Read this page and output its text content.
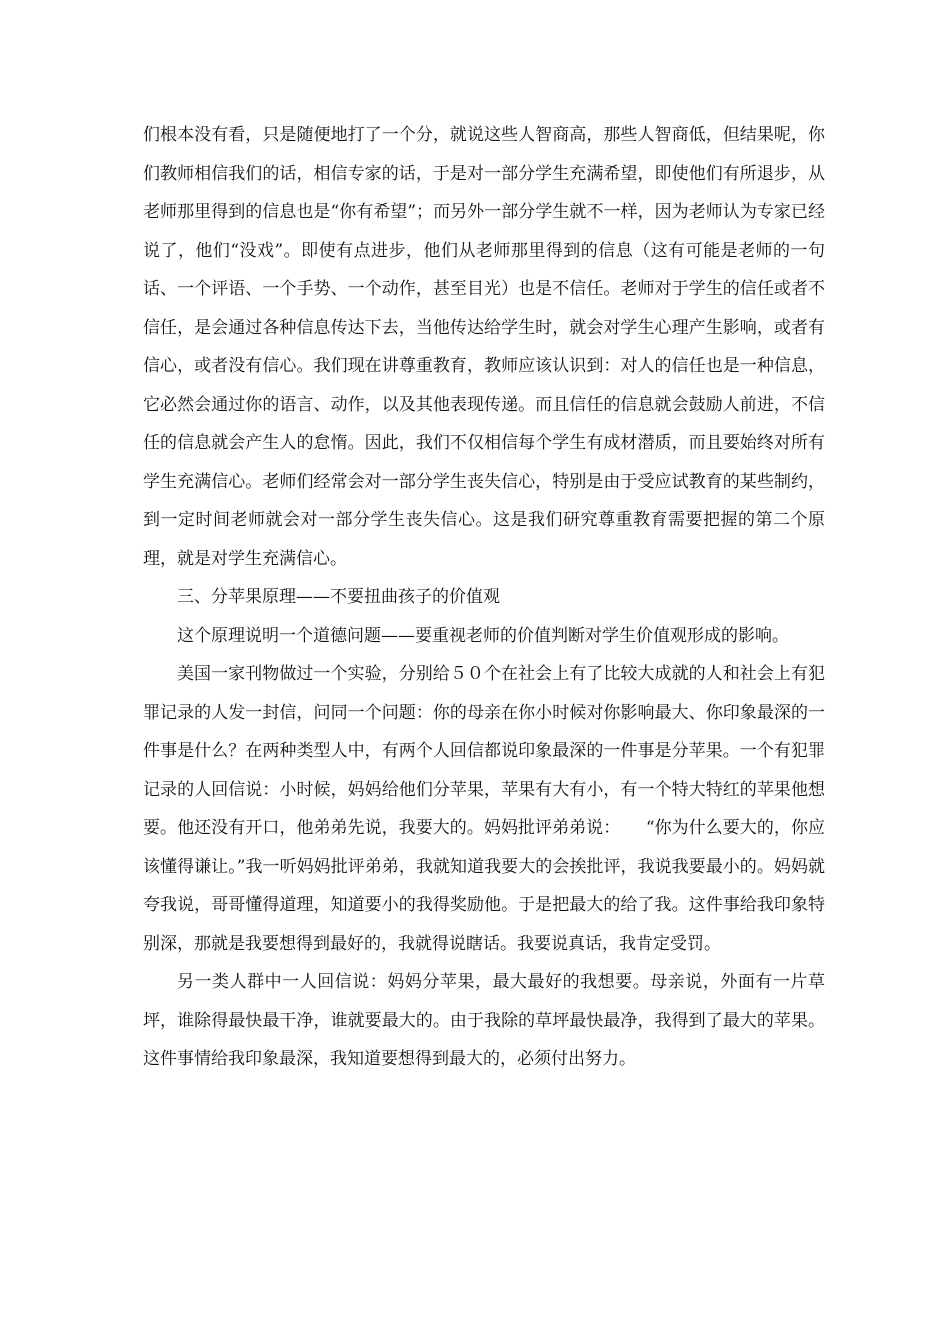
们根本没有看，只是随便地打了一个分，就说这些人智商高，那些人智商低，但结果呢，你们教师相信我们的话，相信专家的话，于是对一部分学生充满希望，即使他们有所退步，从老师那里得到的信息也是“你有希望”；而另外一部分学生就不一样，因为老师认为专家已经说了，他们“没戏”。即使有点进步，他们从老师那里得到的信息（这有可能是老师的一句话、一个评语、一个手势、一个动作，甚至目光）也是不信任。老师对于学生的信任或者不信任，是会通过各种信息传达下去，当他传达给学生时，就会对学生心理产生影响，或者有信心，或者没有信心。我们现在讲尊重教育，教师应该认识到：对人的信任也是一种信息，它必然会通过你的语言、动作，以及其他表现传递。而且信任的信息就会鼓励人前进，不信任的信息就会产生人的怠惰。因此，我们不仅相信每个学生有成材潜质，而且要始终对所有学生充满信心。老师们经常会对一部分学生丧失信心，特别是由于受应试教育的某些制约，到一定时间老师就会对一部分学生丧失信心。这是我们研究尊重教育需要把握的第二个原理，就是对学生充满信心。

三、分苹果原理——不要扭曲孩子的价值观

这个原理说明一个道德问题——要重视老师的价值判断对学生价值观形成的影响。

美国一家刊物做过一个实验，分别给５０个在社会上有了比较大成就的人和社会上有犯罪记录的人发一封信，问同一个问题：你的母亲在你小时候对你影响最大、你印象最深的一件事是什么？在两种类型人中，有两个人回信都说印象最深的一件事是分苹果。一个有犯罪记录的人回信说：小时候，妈妈给他们分苹果，苹果有大有小，有一个特大特红的苹果他想要。他还没有开口，他弟弟先说，我要大的。妈妈批评弟弟说：　　“你为什么要大的，你应该懂得谦让。”我一听妈妈批评弟弟，我就知道我要大的会挨批评，我说我要最小的。妈妈就夸我说，哥哥懂得道理，知道要小的我得奖励他。于是把最大的给了我。这件事给我印象特别深，那就是我要想得到最好的，我就得说瞎话。我要说真话，我肯定受罚。

另一类人群中一人回信说：妈妈分苹果，最大最好的我想要。母亲说，外面有一片草坪，谁除得最快最干净，谁就要最大的。由于我除的草坪最快最净，我得到了最大的苹果。这件事情给我印象最深，我知道要想得到最大的，必须付出努力。
